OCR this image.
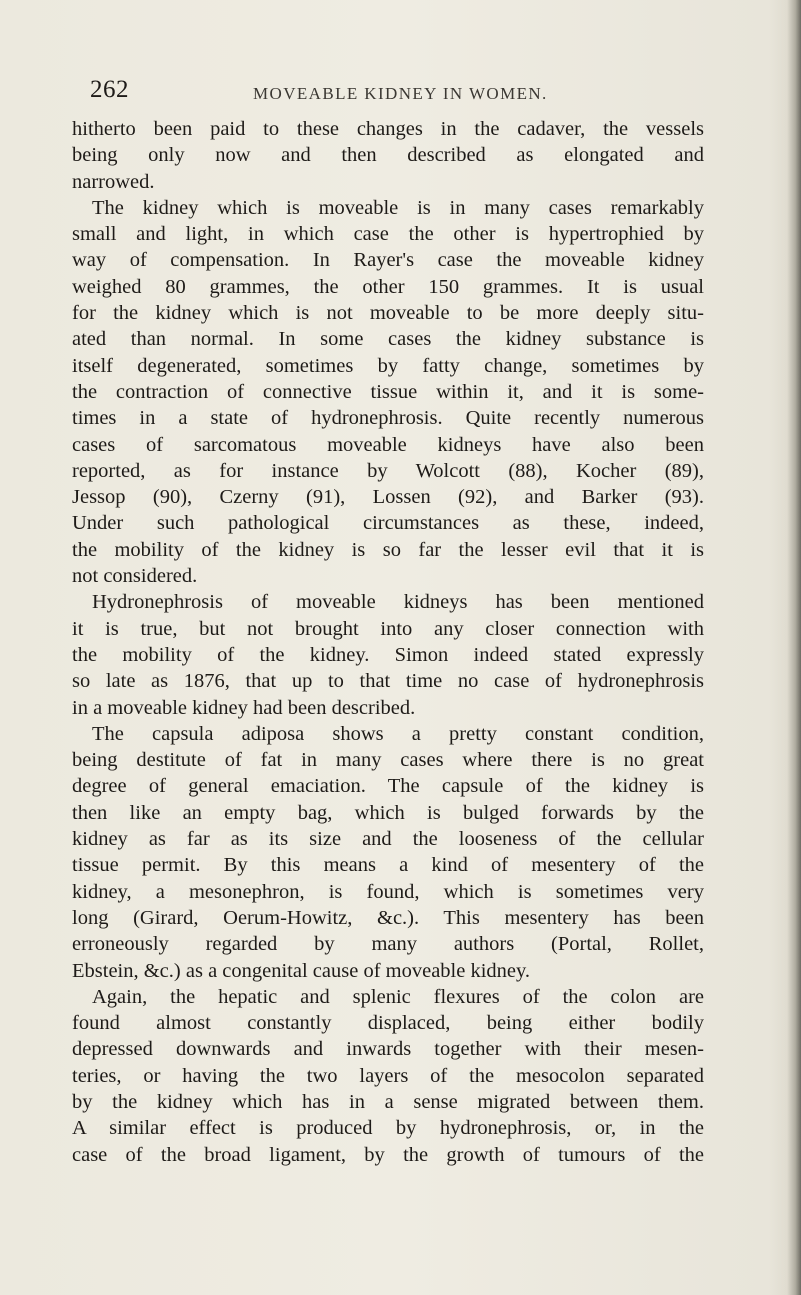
262	MOVEABLE KIDNEY IN WOMEN.
hitherto been paid to these changes in the cadaver, the vessels
being only now and then described as elongated and
narrowed.
The kidney which is moveable is in many cases remarkably
small and light, in which case the other is hypertrophied by
way of compensation. In Rayer's case the moveable kidney
weighed 80 grammes, the other 150 grammes. It is usual
for the kidney which is not moveable to be more deeply situ-
ated than normal. In some cases the kidney substance is
itself degenerated, sometimes by fatty change, sometimes by
the contraction of connective tissue within it, and it is some-
times in a state of hydronephrosis. Quite recently numerous
cases of sarcomatous moveable kidneys have also been
reported, as for instance by Wolcott (88), Kocher (89),
Jessop (90), Czerny (91), Lossen (92), and Barker (93).
Under such pathological circumstances as these, indeed,
the mobility of the kidney is so far the lesser evil that it is
not considered.
Hydronephrosis of moveable kidneys has been mentioned
it is true, but not brought into any closer connection with
the mobility of the kidney. Simon indeed stated expressly
so late as 1876, that up to that time no case of hydronephrosis
in a moveable kidney had been described.
The capsula adiposa shows a pretty constant condition,
being destitute of fat in many cases where there is no great
degree of general emaciation. The capsule of the kidney is
then like an empty bag, which is bulged forwards by the
kidney as far as its size and the looseness of the cellular
tissue permit. By this means a kind of mesentery of the
kidney, a mesonephron, is found, which is sometimes very
long (Girard, Oerum-Howitz, &c.). This mesentery has been
erroneously regarded by many authors (Portal, Rollet,
Ebstein, &c.) as a congenital cause of moveable kidney.
Again, the hepatic and splenic flexures of the colon are
found almost constantly displaced, being either bodily
depressed downwards and inwards together with their mesen-
teries, or having the two layers of the mesocolon separated
by the kidney which has in a sense migrated between them.
A similar effect is produced by hydronephrosis, or, in the
case of the broad ligament, by the growth of tumours of the
